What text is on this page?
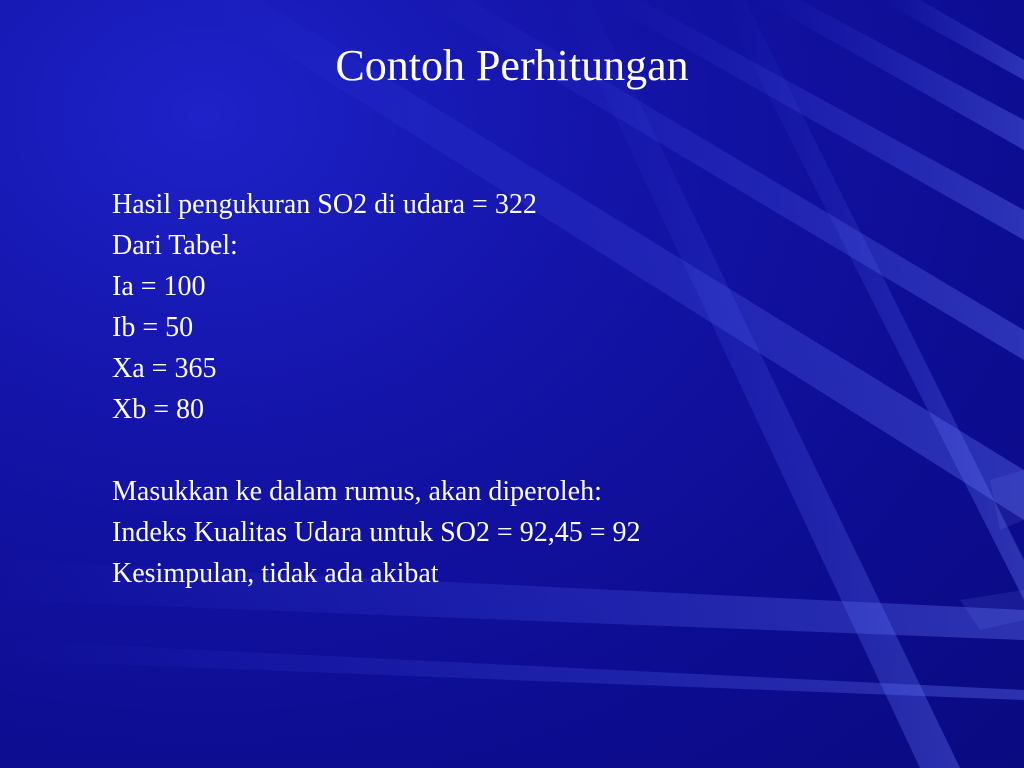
Contoh Perhitungan
Hasil pengukuran SO2 di udara = 322
Dari Tabel:
Ia = 100
Ib = 50
Xa = 365
Xb = 80
Masukkan ke dalam rumus, akan diperoleh:
Indeks Kualitas Udara untuk SO2 = 92,45 = 92
Kesimpulan, tidak ada akibat
